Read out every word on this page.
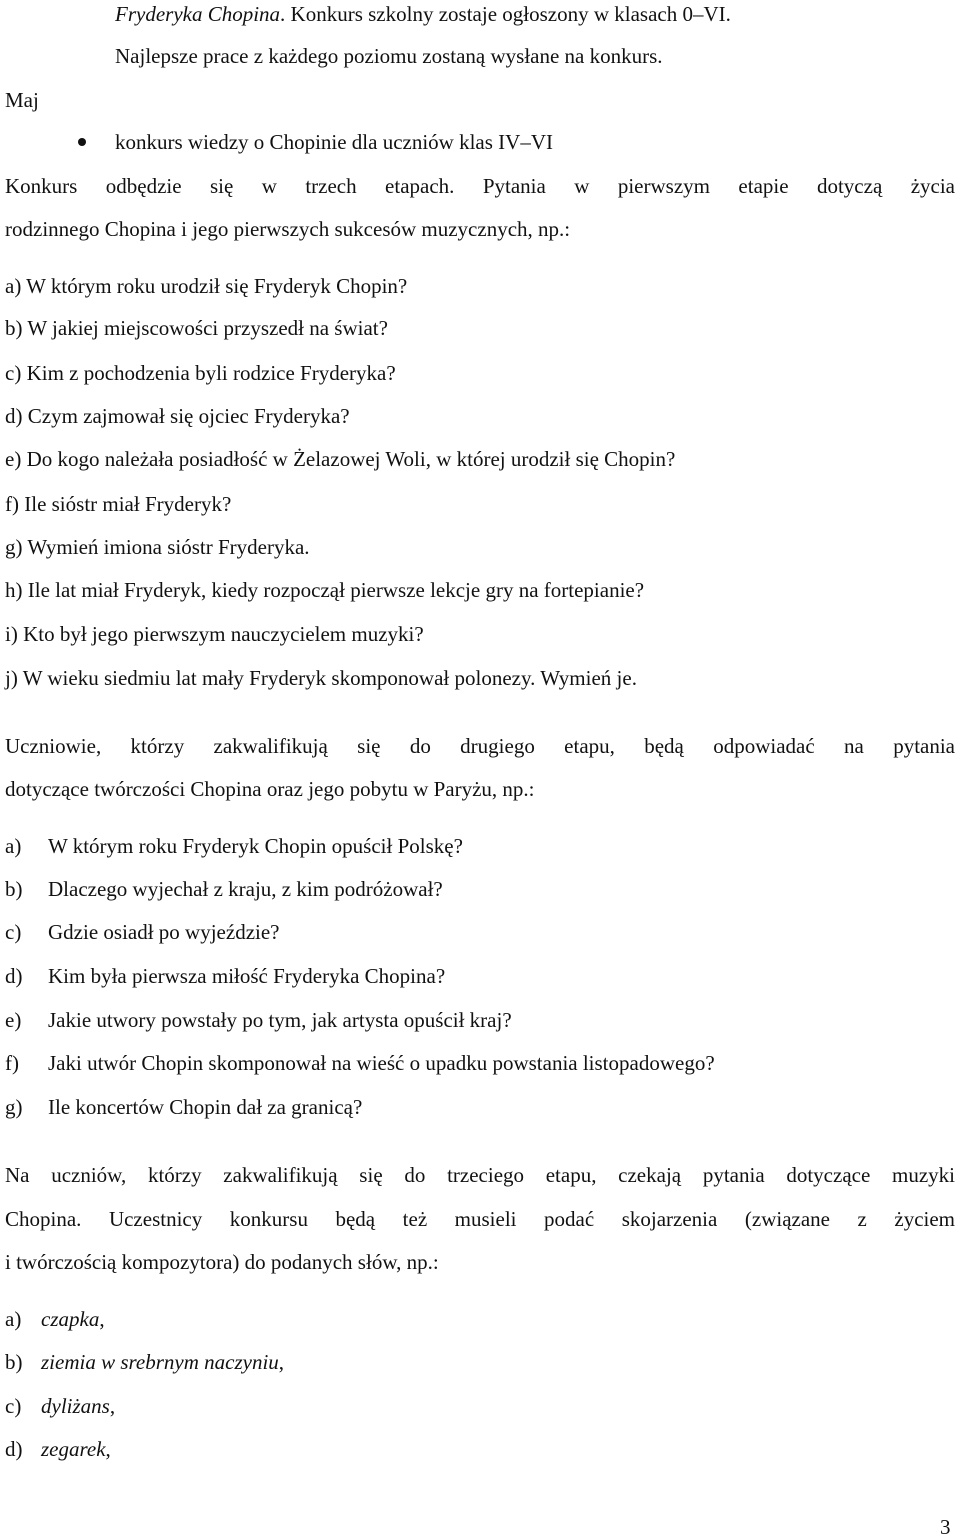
Fryderyka Chopina. Konkurs szkolny zostaje ogłoszony w klasach 0–VI.
Najlepsze prace z każdego poziomu zostaną wysłane na konkurs.
Maj
konkurs wiedzy o Chopinie dla uczniów klas IV–VI
Konkurs odbędzie się w trzech etapach. Pytania w pierwszym etapie dotyczą życia
rodzinnego Chopina i jego pierwszych sukcesów muzycznych, np.:
a) W którym roku urodził się Fryderyk Chopin?
b) W jakiej miejscowości przyszedł na świat?
c) Kim z pochodzenia byli rodzice Fryderyka?
d) Czym zajmował się ojciec Fryderyka?
e) Do kogo należała posiadłość w Żelazowej Woli, w której urodził się Chopin?
f) Ile sióstr miał Fryderyk?
g) Wymień imiona sióstr Fryderyka.
h) Ile lat miał Fryderyk, kiedy rozpoczął pierwsze lekcje gry na fortepianie?
i) Kto był jego pierwszym nauczycielem muzyki?
j) W wieku siedmiu lat mały Fryderyk skomponował polonezy. Wymień je.
Uczniowie, którzy zakwalifikują się do drugiego etapu, będą odpowiadać na pytania
dotyczące twórczości Chopina oraz jego pobytu w Paryżu, np.:
a) W którym roku Fryderyk Chopin opuścił Polskę?
b) Dlaczego wyjechał z kraju, z kim podróżował?
c) Gdzie osiadł po wyjeździe?
d) Kim była pierwsza miłość Fryderyka Chopina?
e) Jakie utwory powstały po tym, jak artysta opuścił kraj?
f) Jaki utwór Chopin skomponował na wieść o upadku powstania listopadowego?
g) Ile koncertów Chopin dał za granicą?
Na uczniów, którzy zakwalifikują się do trzeciego etapu, czekają pytania dotyczące muzyki
Chopina. Uczestnicy konkursu będą też musieli podać skojarzenia (związane z życiem
i twórczością kompozytora) do podanych słów, np.:
a) czapka,
b) ziemia w srebrnym naczyniu,
c) dyliżans,
d) zegarek,
3
